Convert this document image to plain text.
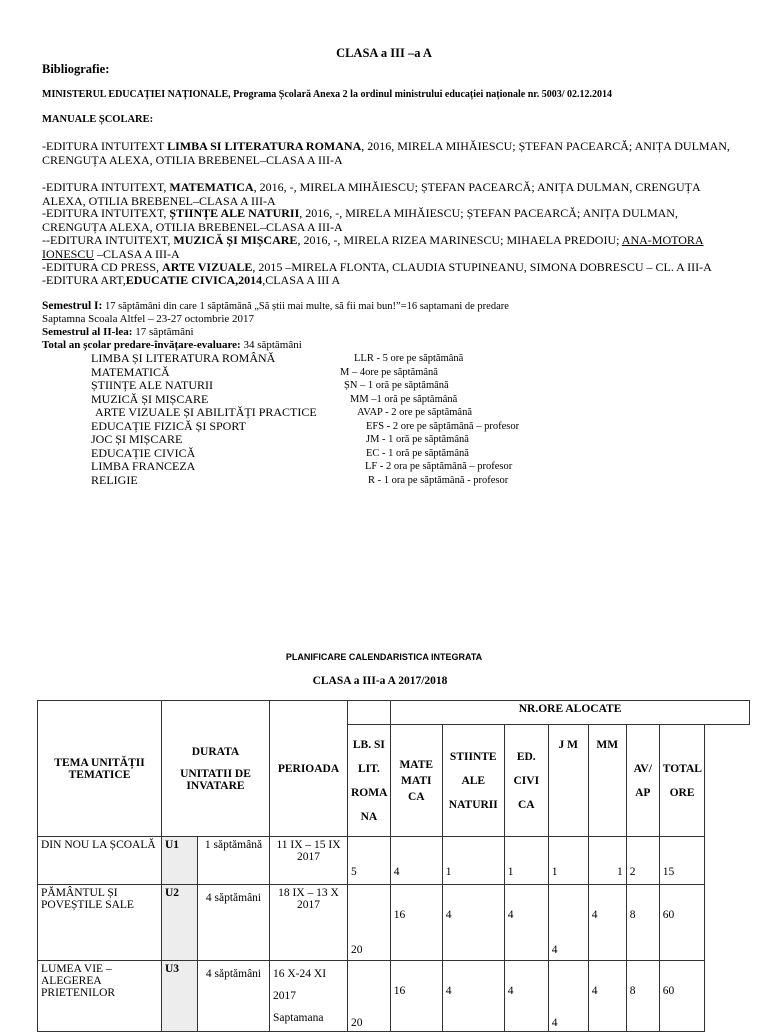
CLASA a III –a A
Bibliografie:
MINISTERUL EDUCAȚIEI NAȚIONALE, Programa Școlară Anexa 2 la ordinul ministrului educației naționale nr. 5003/ 02.12.2014
MANUALE ȘCOLARE:
-EDITURA INTUITEXT LIMBA SI LITERATURA ROMANA, 2016, MIRELA MIHĂIESCU; ȘTEFAN PACEARCĂ; ANIȚA DULMAN, CRENGUȚA ALEXA, OTILIA BREBENEL–CLASA A III-A
-EDITURA INTUITEXT, MATEMATICA, 2016, -, MIRELA MIHĂIESCU; ȘTEFAN PACEARCĂ; ANIȚA DULMAN, CRENGUȚA ALEXA, OTILIA BREBENEL–CLASA A III-A
-EDITURA INTUITEXT, ȘTIINȚE ALE NATURII, 2016, -, MIRELA MIHĂIESCU; ȘTEFAN PACEARCĂ; ANIȚA DULMAN, CRENGUȚA ALEXA, OTILIA BREBENEL–CLASA A III-A
--EDITURA INTUITEXT, MUZICĂ ȘI MIȘCARE, 2016, -, MIRELA RIZEA MARINESCU; MIHAELA PREDOIU; ANA-MOTORA IONESCU –CLASA A III-A
-EDITURA CD PRESS, ARTE VIZUALE, 2015 –MIRELA FLONTA, CLAUDIA STUPINEANU, SIMONA DOBRESCU – CL. A III-A
-EDITURA ART,EDUCATIE CIVICA,2014,CLASA A III A
Semestrul I: 17 săptămâni din care 1 săptămână „Să știi mai multe, să fii mai bun!”=16 saptamani de predare
Saptamna Scoala Altfel – 23-27 octombrie 2017
Semestrul al II-lea: 17 săptămâni
Total an școlar predare-învățare-evaluare: 34 săptămâni
LIMBA ȘI LITERATURA ROMÂNĂ
MATEMATICĂ
ȘTIINȚE ALE NATURII
MUZICĂ ȘI MIȘCARE
ARTE VIZUALE ȘI ABILITĂȚI PRACTICE
EDUCAȚIE FIZICĂ ȘI SPORT
JOC ȘI MIȘCARE
EDUCAȚIE CIVICĂ
LIMBA FRANCEZA
RELIGIE
LLR - 5 ore pe săptămână
M – 4ore pe săptămână
ȘN – 1 oră pe săptămână
MM –1 oră pe săptămână
AVAP - 2 ore pe săptămână
EFS - 2 ore pe săptămână – profesor
JM - 1 oră pe săptămână
EC - 1 oră pe săptămână
LF - 2 ora pe săptămână – profesor
R - 1 ora pe săptămână - profesor
PLANIFICARE CALENDARISTICA INTEGRATA
CLASA a III-a A 2017/2018
TEMA UNITĂȚII TEMATICE	DURATA
UNITATII DE INVATARE		PERIOADA		NR.ORE ALOCATE						
				LB. SI LIT. ROMA NA	MATE MATI CA	STIINTE ALE NATURII	ED. CIVI CA	J M	MM	AV/ AP	TOTAL ORE
DIN NOU LA ȘCOALĂ	U1	1 săptămână	11 IX – 15 IX 2017	5	4	1	1	1	1	2	15
PĂMÂNTUL ȘI POVEȘTILE SALE	U2	4 săptămâni	18 IX – 13 X 2017	20	16	4	4	4	4	8	60
LUMEA VIE – ALEGEREA PRIETENILOR	U3	4 săptămâni	16 X-24 XI 2017 Saptamana	20	16	4	4	4	4	8	60
